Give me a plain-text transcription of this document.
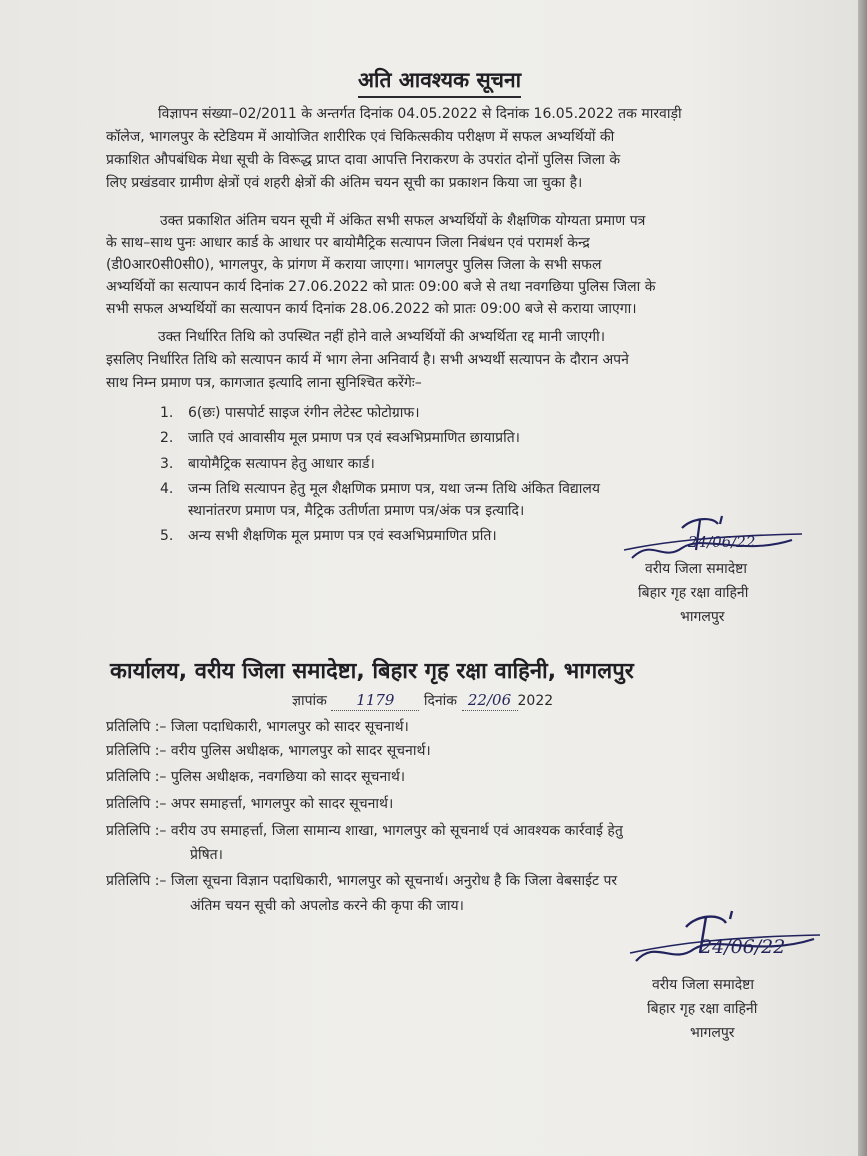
अति आवश्यक सूचना
विज्ञापन संख्या–02/2011 के अन्तर्गत दिनांक 04.05.2022 से दिनांक 16.05.2022 तक मारवाड़ी
कॉलेज, भागलपुर के स्टेडियम में आयोजित शारीरिक एवं चिकित्सकीय परीक्षण में सफल अभ्यर्थियों की
प्रकाशित औपबंधिक मेधा सूची के विरूद्ध प्राप्त दावा आपत्ति निराकरण के उपरांत दोनों पुलिस जिला के
लिए प्रखंडवार ग्रामीण क्षेत्रों एवं शहरी क्षेत्रों की अंतिम चयन सूची का प्रकाशन किया जा चुका है।
उक्त प्रकाशित अंतिम चयन सूची में अंकित सभी सफल अभ्यर्थियों के शैक्षणिक योग्यता प्रमाण पत्र
के साथ–साथ पुनः आधार कार्ड के आधार पर बायोमैट्रिक सत्यापन जिला निबंधन एवं परामर्श केन्द्र
(डी0आर0सी0सी0), भागलपुर, के प्रांगण में कराया जाएगा। भागलपुर पुलिस जिला के सभी सफल
अभ्यर्थियों का सत्यापन कार्य दिनांक 27.06.2022 को प्रातः 09:00 बजे से तथा नवगछिया पुलिस जिला के
सभी सफल अभ्यर्थियों का सत्यापन कार्य दिनांक 28.06.2022 को प्रातः 09:00 बजे से कराया जाएगा।
उक्त निर्धारित तिथि को उपस्थित नहीं होने वाले अभ्यर्थियों की अभ्यर्थिता रद्द मानी जाएगी।
इसलिए निर्धारित तिथि को सत्यापन कार्य में भाग लेना अनिवार्य है। सभी अभ्यर्थी सत्यापन के दौरान अपने
साथ निम्न प्रमाण पत्र, कागजात इत्यादि लाना सुनिश्चित करेंगेः–
1. 6(छः) पासपोर्ट साइज रंगीन लेटेस्ट फोटोग्राफ।
2. जाति एवं आवासीय मूल प्रमाण पत्र एवं स्वअभिप्रमाणित छायाप्रति।
3. बायोमैट्रिक सत्यापन हेतु आधार कार्ड।
4. जन्म तिथि सत्यापन हेतु मूल शैक्षणिक प्रमाण पत्र, यथा जन्म तिथि अंकित विद्यालय
स्थानांतरण प्रमाण पत्र, मैट्रिक उतीर्णता प्रमाण पत्र/अंक पत्र इत्यादि।
5. अन्य सभी शैक्षणिक मूल प्रमाण पत्र एवं स्वअभिप्रमाणित प्रति।	24/06/22
वरीय जिला समादेष्टा
बिहार गृह रक्षा वाहिनी
भागलपुर
कार्यालय, वरीय जिला समादेष्टा, बिहार गृह रक्षा वाहिनी, भागलपुर
ज्ञापांक 1179 दिनांक 22/06 2022
प्रतिलिपि :– जिला पदाधिकारी, भागलपुर को सादर सूचनार्थ।
प्रतिलिपि :– वरीय पुलिस अधीक्षक, भागलपुर को सादर सूचनार्थ।
प्रतिलिपि :– पुलिस अधीक्षक, नवगछिया को सादर सूचनार्थ।
प्रतिलिपि :– अपर समाहर्त्ता, भागलपुर को सादर सूचनार्थ।
प्रतिलिपि :– वरीय उप समाहर्त्ता, जिला सामान्य शाखा, भागलपुर को सूचनार्थ एवं आवश्यक कार्रवाई हेतु
प्रेषित।
प्रतिलिपि :– जिला सूचना विज्ञान पदाधिकारी, भागलपुर को सूचनार्थ। अनुरोध है कि जिला वेबसाईट पर
अंतिम चयन सूची को अपलोड करने की कृपा की जाय।
24/06/22
वरीय जिला समादेष्टा
बिहार गृह रक्षा वाहिनी
भागलपुर
